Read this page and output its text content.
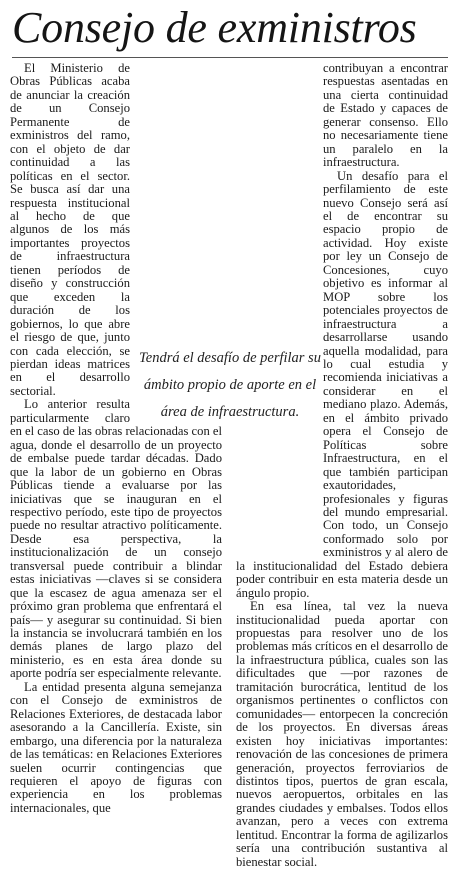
Consejo de exministros

El Ministerio de Obras Públicas acaba de anunciar la creación de un Consejo Permanente de exministros del ramo, con el objeto de dar continuidad a las políticas en el sector. Se busca así dar una respuesta institucional al hecho de que algunos de los más importantes proyectos de infraestructura tienen períodos de diseño y construcción que exceden la duración de los gobiernos, lo que abre el riesgo de que, junto con cada elección, se pierdan ideas matrices en el desarrollo sectorial.

Lo anterior resulta particularmente claro en el caso de las obras relacionadas con el agua, donde el desarrollo de un proyecto de embalse puede tardar décadas. Dado que la labor de un gobierno en Obras Públicas tiende a evaluarse por las iniciativas que se inauguran en el respectivo período, este tipo de proyectos puede no resultar atractivo políticamente. Desde esa perspectiva, la institucionalización de un consejo transversal puede contribuir a blindar estas iniciativas —claves si se considera que la escasez de agua amenaza ser el próximo gran problema que enfrentará el país— y asegurar su continuidad. Si bien la instancia se involucrará también en los demás planes de largo plazo del ministerio, es en esta área donde su aporte podría ser especialmente relevante.

La entidad presenta alguna semejanza con el Consejo de exministros de Relaciones Exteriores, de destacada labor asesorando a la Cancillería. Existe, sin embargo, una diferencia por la naturaleza de las temáticas: en Relaciones Exteriores suelen ocurrir contingencias que requieren el apoyo de figuras con experiencia en los problemas internacionales, que

contribuyan a encontrar respuestas asentadas en una cierta continuidad de Estado y capaces de generar consenso. Ello no necesariamente tiene un paralelo en la infraestructura.

Un desafío para el perfilamiento de este nuevo Consejo será así el de encontrar su espacio propio de actividad. Hoy existe por ley un Consejo de Concesiones, cuyo objetivo es informar al MOP sobre los potenciales proyectos de infraestructura a desarrollarse usando aquella modalidad, para lo cual estudia y recomienda iniciativas a considerar en el mediano plazo. Además, en el ámbito privado opera el Consejo de Políticas sobre Infraestructura, en el que también participan exautoridades, profesionales y figuras del mundo empresarial. Con todo, un Consejo conformado solo por exministros y al alero de la institucionalidad del Estado debiera poder contribuir en esta materia desde un ángulo propio.

En esa línea, tal vez la nueva institucionalidad pueda aportar con propuestas para resolver uno de los problemas más críticos en el desarrollo de la infraestructura pública, cuales son las dificultades que —por razones de tramitación burocrática, lentitud de los organismos pertinentes o conflictos con comunidades— entorpecen la concreción de los proyectos. En diversas áreas existen hoy iniciativas importantes: renovación de las concesiones de primera generación, proyectos ferroviarios de distintos tipos, puertos de gran escala, nuevos aeropuertos, orbitales en las grandes ciudades y embalses. Todos ellos avanzan, pero a veces con extrema lentitud. Encontrar la forma de agilizarlos sería una contribución sustantiva al bienestar social.

Tendrá el desafío de perfilar su ámbito propio de aporte en el área de infraestructura.
